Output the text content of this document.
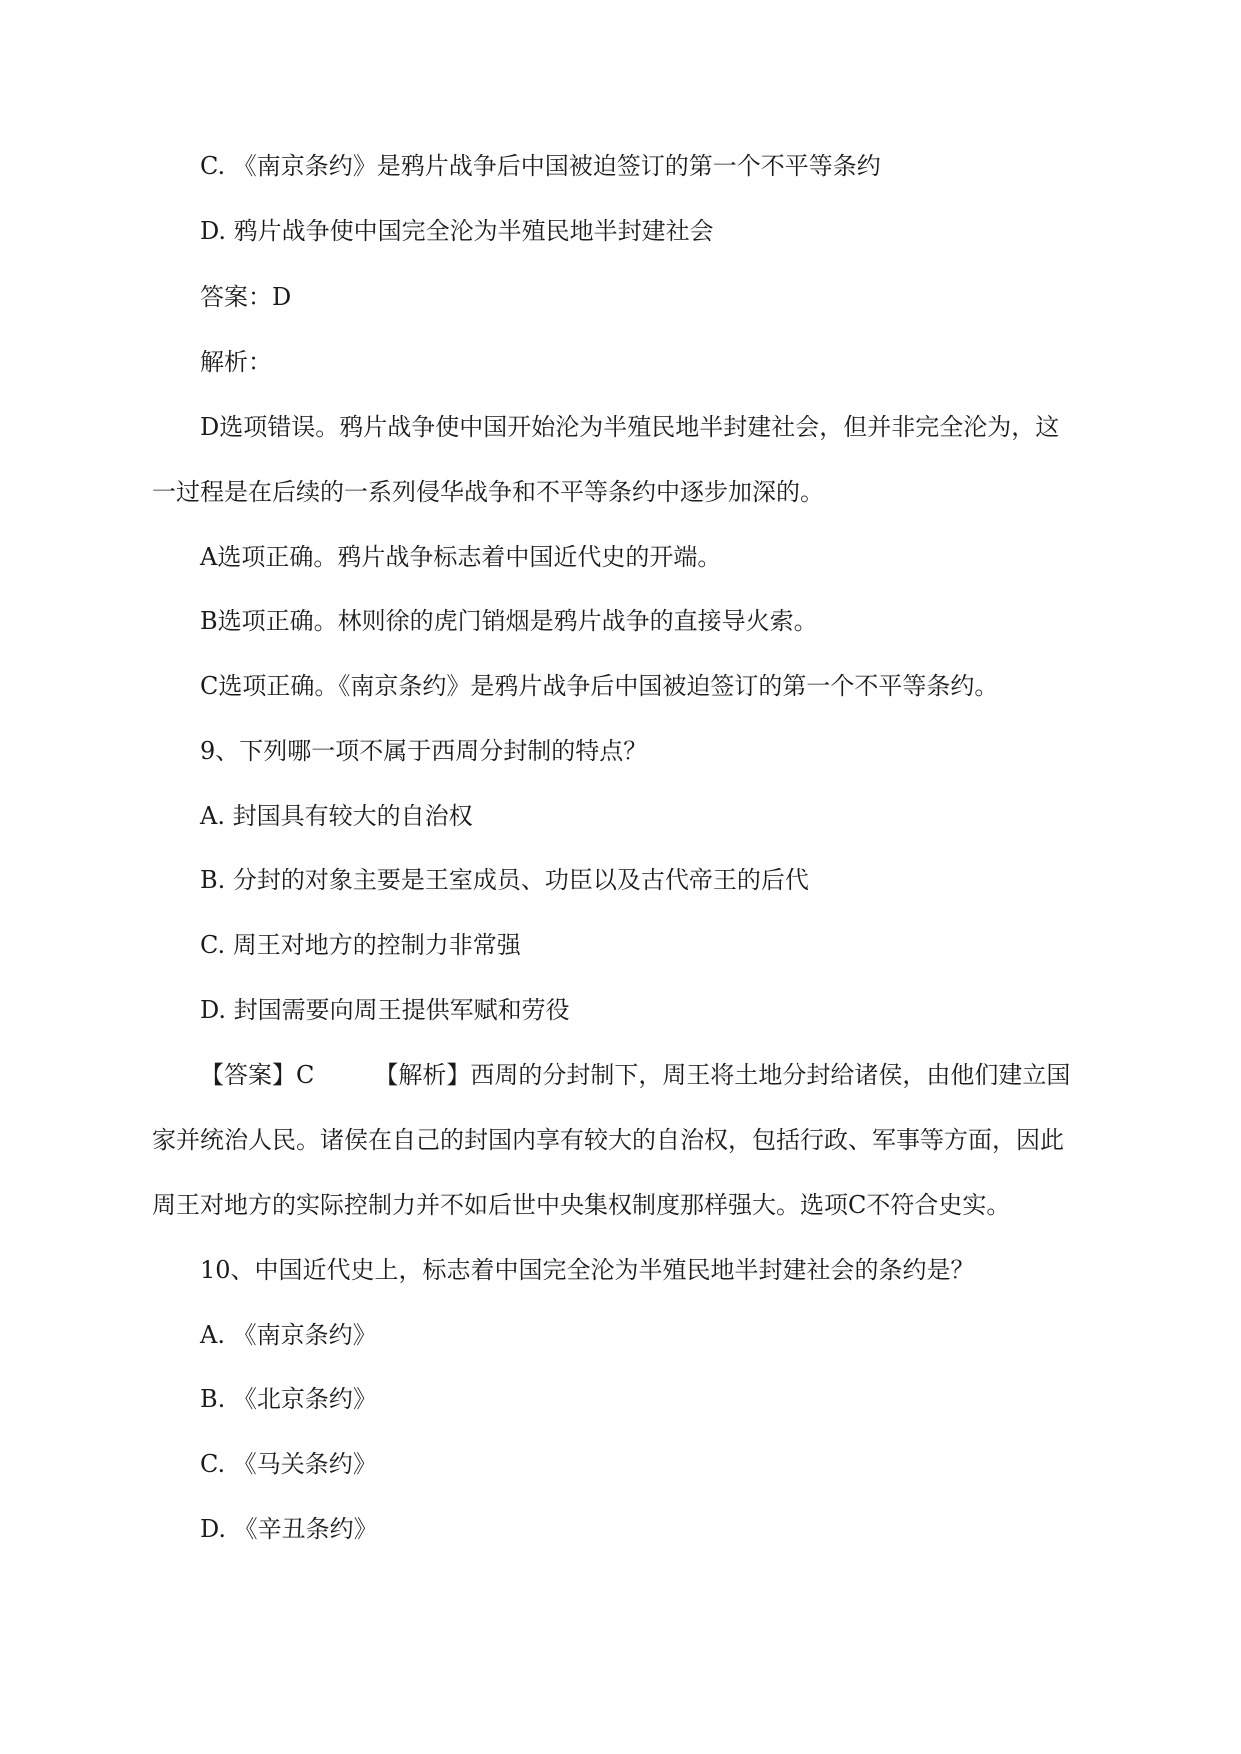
C. 《南京条约》是鸦片战争后中国被迫签订的第一个不平等条约
D. 鸦片战争使中国完全沦为半殖民地半封建社会
答案：D
解析：
D选项错误。鸦片战争使中国开始沦为半殖民地半封建社会，但并非完全沦为，这
一过程是在后续的一系列侵华战争和不平等条约中逐步加深的。
A选项正确。鸦片战争标志着中国近代史的开端。
B选项正确。林则徐的虎门销烟是鸦片战争的直接导火索。
C选项正确。《南京条约》是鸦片战争后中国被迫签订的第一个不平等条约。
9、下列哪一项不属于西周分封制的特点？
A. 封国具有较大的自治权
B. 分封的对象主要是王室成员、功臣以及古代帝王的后代
C. 周王对地方的控制力非常强
D. 封国需要向周王提供军赋和劳役
【答案】C	【解析】西周的分封制下，周王将土地分封给诸侯，由他们建立国
家并统治人民。诸侯在自己的封国内享有较大的自治权，包括行政、军事等方面，因此
周王对地方的实际控制力并不如后世中央集权制度那样强大。选项C不符合史实。
10、中国近代史上，标志着中国完全沦为半殖民地半封建社会的条约是？
A. 《南京条约》
B. 《北京条约》
C. 《马关条约》
D. 《辛丑条约》
